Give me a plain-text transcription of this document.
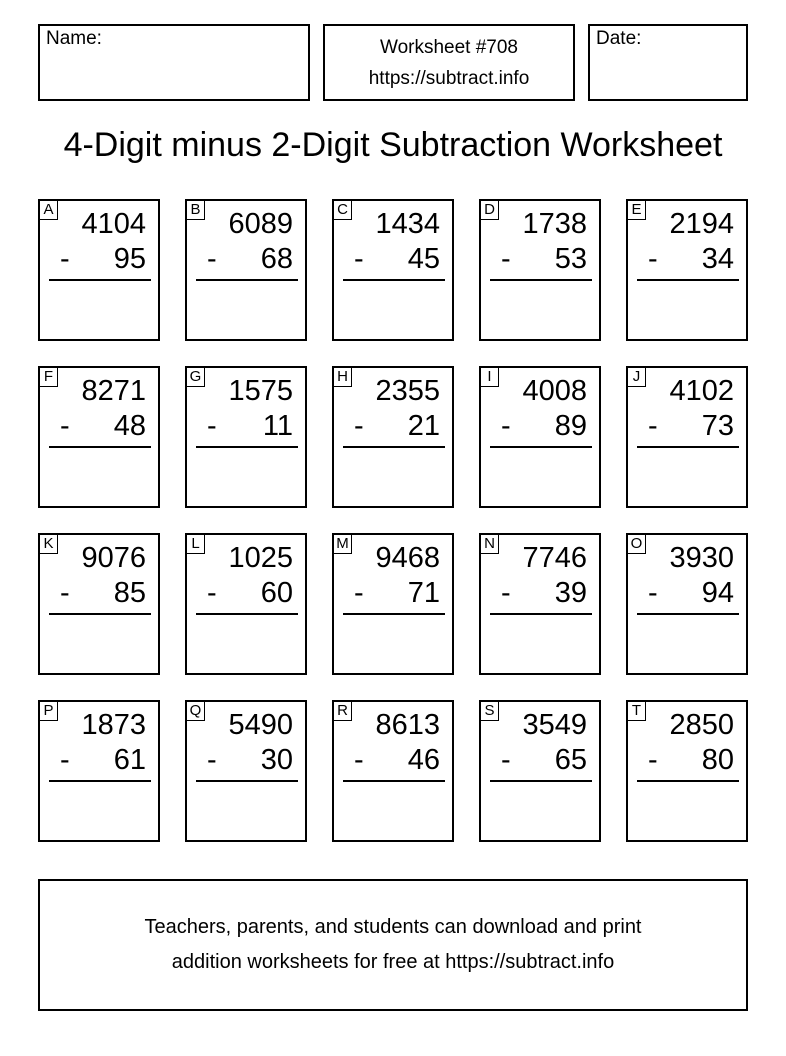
Name:	Worksheet #708
https://subtract.info
Date:
4-Digit minus 2-Digit Subtraction Worksheet
A 4104
- 95
B 6089
- 68
C 1434
- 45
D 1738
- 53
E 2194
- 34
F 8271
- 48
G 1575
- 11
H 2355
- 21
I 4008
- 89
J 4102
- 73
K 9076
- 85
L 1025
- 60
M 9468
- 71
N 7746
- 39
O 3930
- 94
P 1873
- 61
Q 5490
- 30
R 8613
- 46
S 3549
- 65
T 2850
- 80
Teachers, parents, and students can download and print
addition worksheets for free at https://subtract.info
